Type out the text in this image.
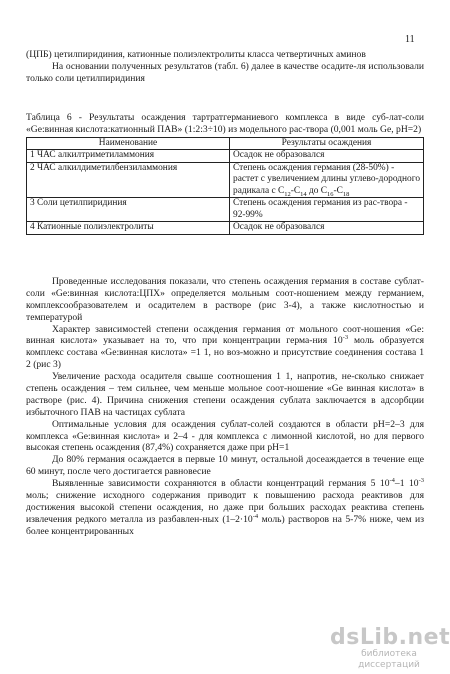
11

(ЦПБ) цетилпиридиния, катионные полиэлектролиты класса четвертичных аминов

На основании полученных результатов (табл. 6) далее в качестве осадите-ля использовали только соли цетилпиридиния

Таблица 6 - Результаты осаждения тартратгерманиевого комплекса в виде суб-лат-соли «Ge:винная кислота:катионный ПАВ» (1:2:3÷10) из модельного рас-твора (0,001 моль Ge, pH=2)

Наименование	Результаты осаждения
1 ЧАС алкилтриметиламмония	Осадок не образовался
2 ЧАС алкилдиметилбензиламмония	Степень осаждения германия (28-50%) - растет с увеличением длины углево-дородного радикала с $С_{12}-С_{14}$ до $С_{16}-С_{18}$
3 Соли цетилпиридиния	Степень осаждения германия из рас-твора - 92-99%
4 Катионные полиэлектролиты	Осадок не образовался

Проведенные исследования показали, что степень осаждения германия в составе сублат-соли «Ge:винная кислота:ЦПХ» определяется мольным соот-ношением между германием, комплексообразователем и осадителем в растворе (рис 3-4), а также кислотностью и температурой

Характер зависимостей степени осаждения германия от мольного соот-ношения «Ge: винная кислота» указывает на то, что при концентрации герма-ния $10^{-3}$ моль образуется комплекс состава «Ge:винная кислота» =1 1, но воз-можно и присутствие соединения состава 1 2 (рис 3)

Увеличение расхода осадителя свыше соотношения 1 1, напротив, не-сколько снижает степень осаждения – тем сильнее, чем меньше мольное соот-ношение «Ge винная кислота» в растворе (рис. 4). Причина снижения степени осаждения сублата заключается в адсорбции избыточного ПАВ на частицах сублата

Оптимальные условия для осаждения сублат-солей создаются в области pH=2–3 для комплекса «Ge:винная кислота» и 2–4 - для комплекса с лимонной кислотой, но для первого высокая степень осаждения (87,4%) сохраняется даже при pH=1

До 80% германия осаждается в первые 10 минут, остальной досеаждается в течение еще 60 минут, после чего достигается равновесие

Выявленные зависимости сохраняются в области концентраций германия 5 $10^{-4}-1$ $10^{-3}$ моль; снижение исходного содержания приводит к повышению расхода реактивов для достижения высокой степени осаждения, но даже при больших расходах реактива степень извлечения редкого металла из разбавлен-ных ($1-2\cdot 10^{-4}$ моль) растворов на 5-7% ниже, чем из более концентрированных

dsLib.net
библиотека диссертаций
